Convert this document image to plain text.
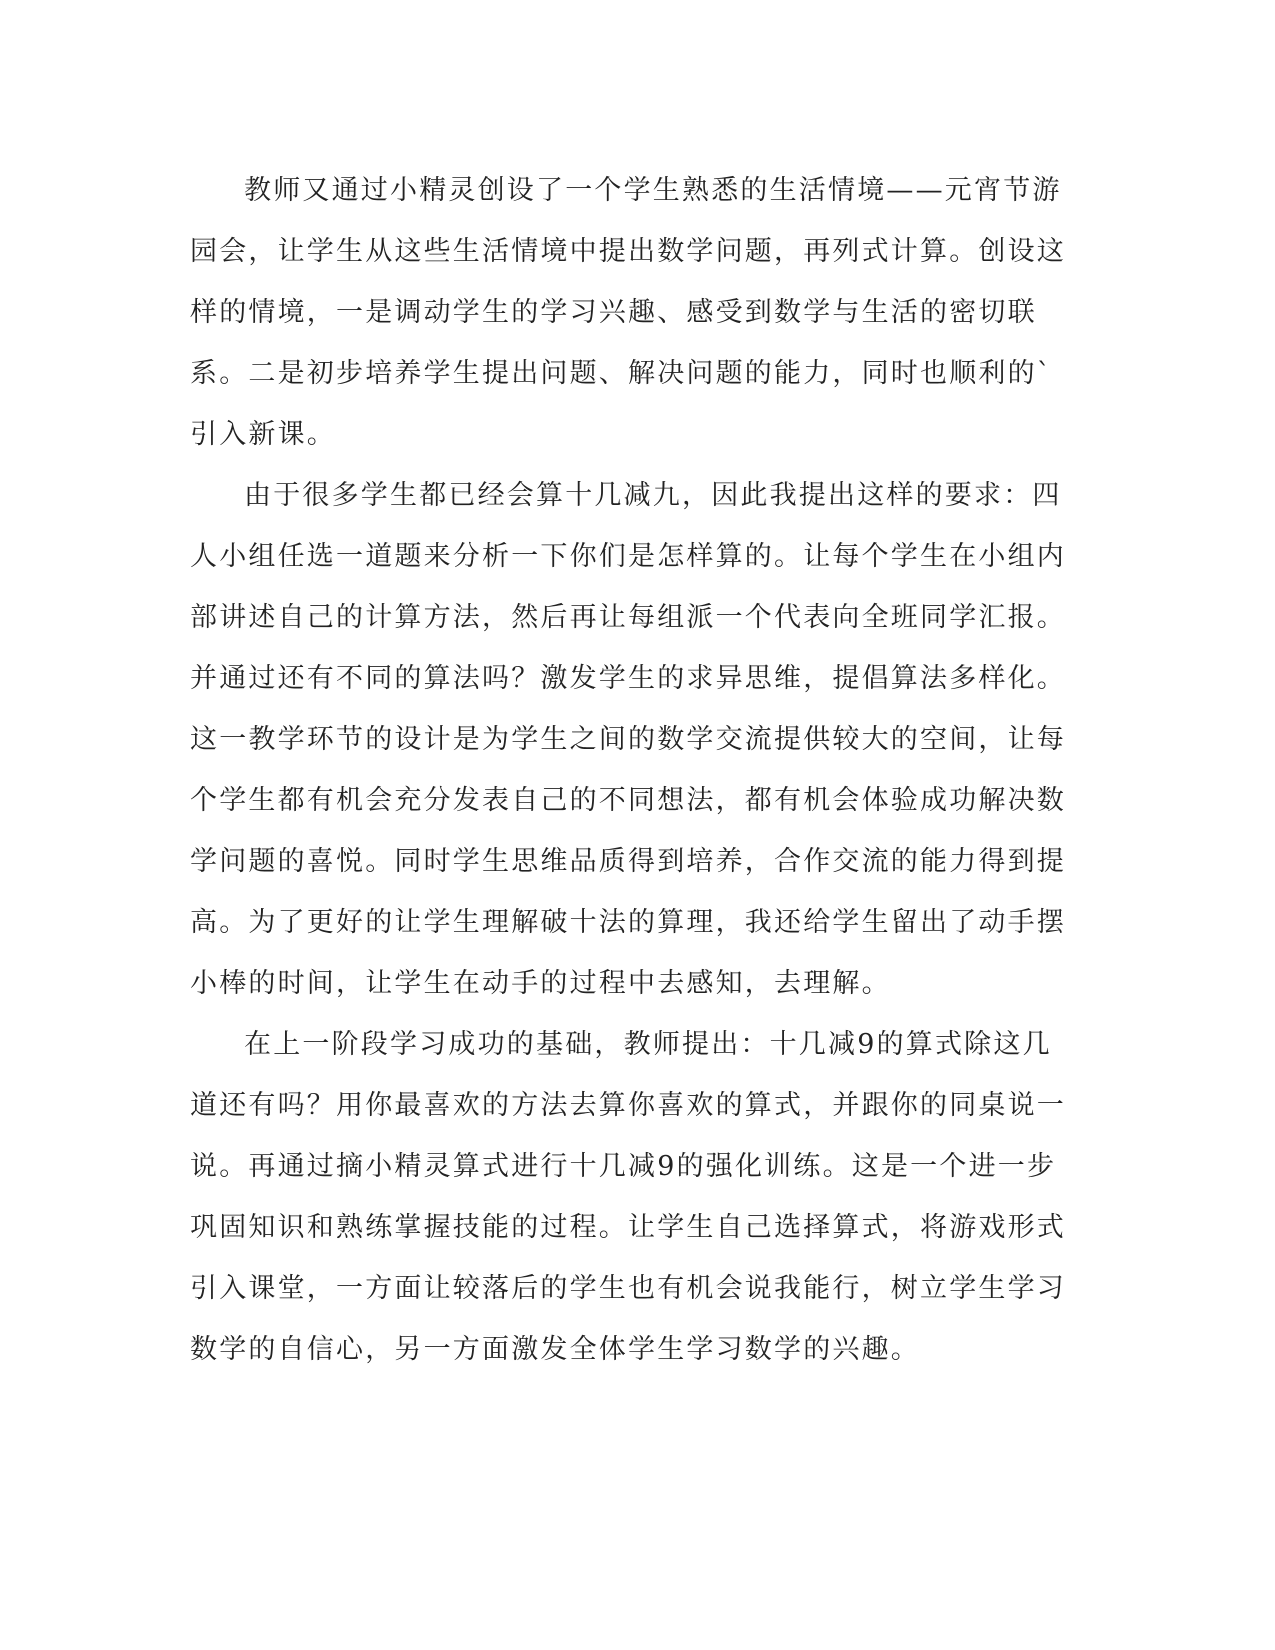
教师又通过小精灵创设了一个学生熟悉的生活情境——元宵节游园会，让学生从这些生活情境中提出数学问题，再列式计算。创设这样的情境，一是调动学生的学习兴趣、感受到数学与生活的密切联系。二是初步培养学生提出问题、解决问题的能力，同时也顺利的`引入新课。

由于很多学生都已经会算十几减九，因此我提出这样的要求：四人小组任选一道题来分析一下你们是怎样算的。让每个学生在小组内部讲述自己的计算方法，然后再让每组派一个代表向全班同学汇报。并通过还有不同的算法吗？激发学生的求异思维，提倡算法多样化。这一教学环节的设计是为学生之间的数学交流提供较大的空间，让每个学生都有机会充分发表自己的不同想法，都有机会体验成功解决数学问题的喜悦。同时学生思维品质得到培养，合作交流的能力得到提高。为了更好的让学生理解破十法的算理，我还给学生留出了动手摆小棒的时间，让学生在动手的过程中去感知，去理解。

在上一阶段学习成功的基础，教师提出：十几减9的算式除这几道还有吗？用你最喜欢的方法去算你喜欢的算式，并跟你的同桌说一说。再通过摘小精灵算式进行十几减9的强化训练。这是一个进一步巩固知识和熟练掌握技能的过程。让学生自己选择算式，将游戏形式引入课堂，一方面让较落后的学生也有机会说我能行，树立学生学习数学的自信心，另一方面激发全体学生学习数学的兴趣。
